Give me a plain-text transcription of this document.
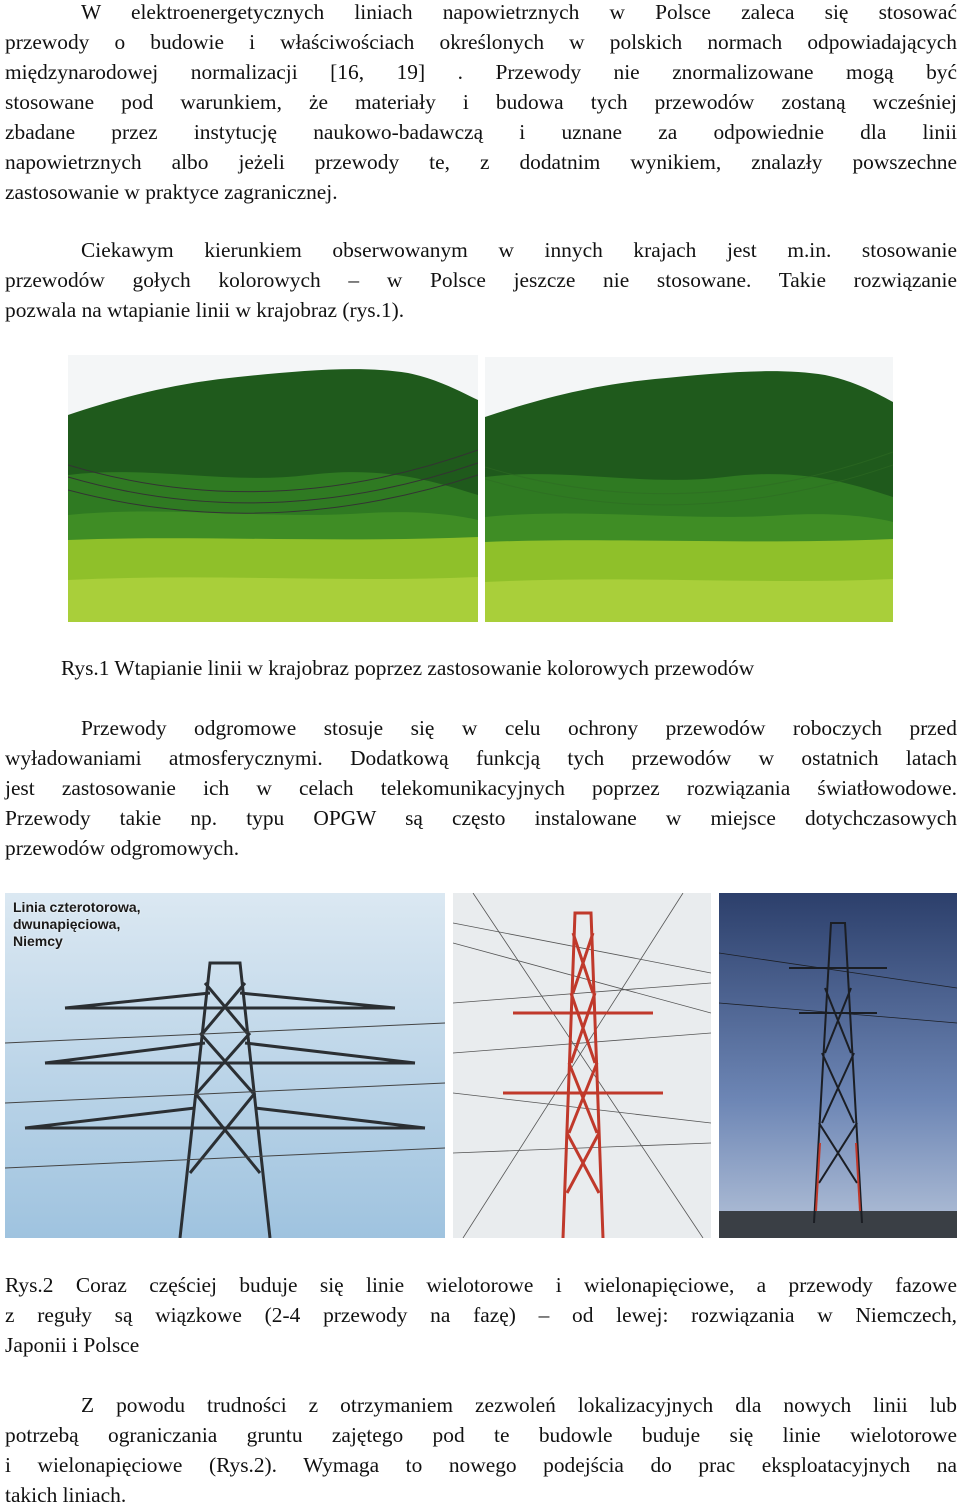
W elektroenergetycznych liniach napowietrznych w Polsce zaleca się stosować
przewody o budowie i właściwościach określonych w polskich normach odpowiadających
międzynarodowej normalizacji [16, 19] . Przewody nie znormalizowane mogą być
stosowane pod warunkiem, że materiały i budowa tych przewodów zostaną wcześniej
zbadane przez instytucję naukowo-badawczą i uznane za odpowiednie dla linii
napowietrznych albo jeżeli przewody te, z dodatnim wynikiem, znalazły powszechne
zastosowanie w praktyce zagranicznej.
Ciekawym kierunkiem obserwowanym w innych krajach jest m.in. stosowanie
przewodów gołych kolorowych – w Polsce jeszcze nie stosowane. Takie rozwiązanie
pozwala na wtapianie linii w krajobraz (rys.1).

Rys.1 Wtapianie linii w krajobraz poprzez zastosowanie kolorowych przewodów

Przewody odgromowe stosuje się w celu ochrony przewodów roboczych przed
wyładowaniami atmosferycznymi. Dodatkową funkcją tych przewodów w ostatnich latach
jest zastosowanie ich w celach telekomunikacyjnych poprzez rozwiązania światłowodowe.
Przewody takie np. typu OPGW są często instalowane w miejsce dotychczasowych
przewodów odgromowych.
Linia czterotorowa,
dwunapięciowa,
Niemcy
Rys.2 Coraz częściej buduje się linie wielotorowe i wielonapięciowe, a przewody fazowe
z reguły są wiązkowe (2-4 przewody na fazę) – od lewej: rozwiązania w Niemczech,
Japonii i Polsce
Z powodu trudności z otrzymaniem zezwoleń lokalizacyjnych dla nowych linii lub
potrzebą ograniczania gruntu zajętego pod te budowle buduje się linie wielotorowe
i wielonapięciowe (Rys.2). Wymaga to nowego podejścia do prac eksploatacyjnych na
takich liniach.
